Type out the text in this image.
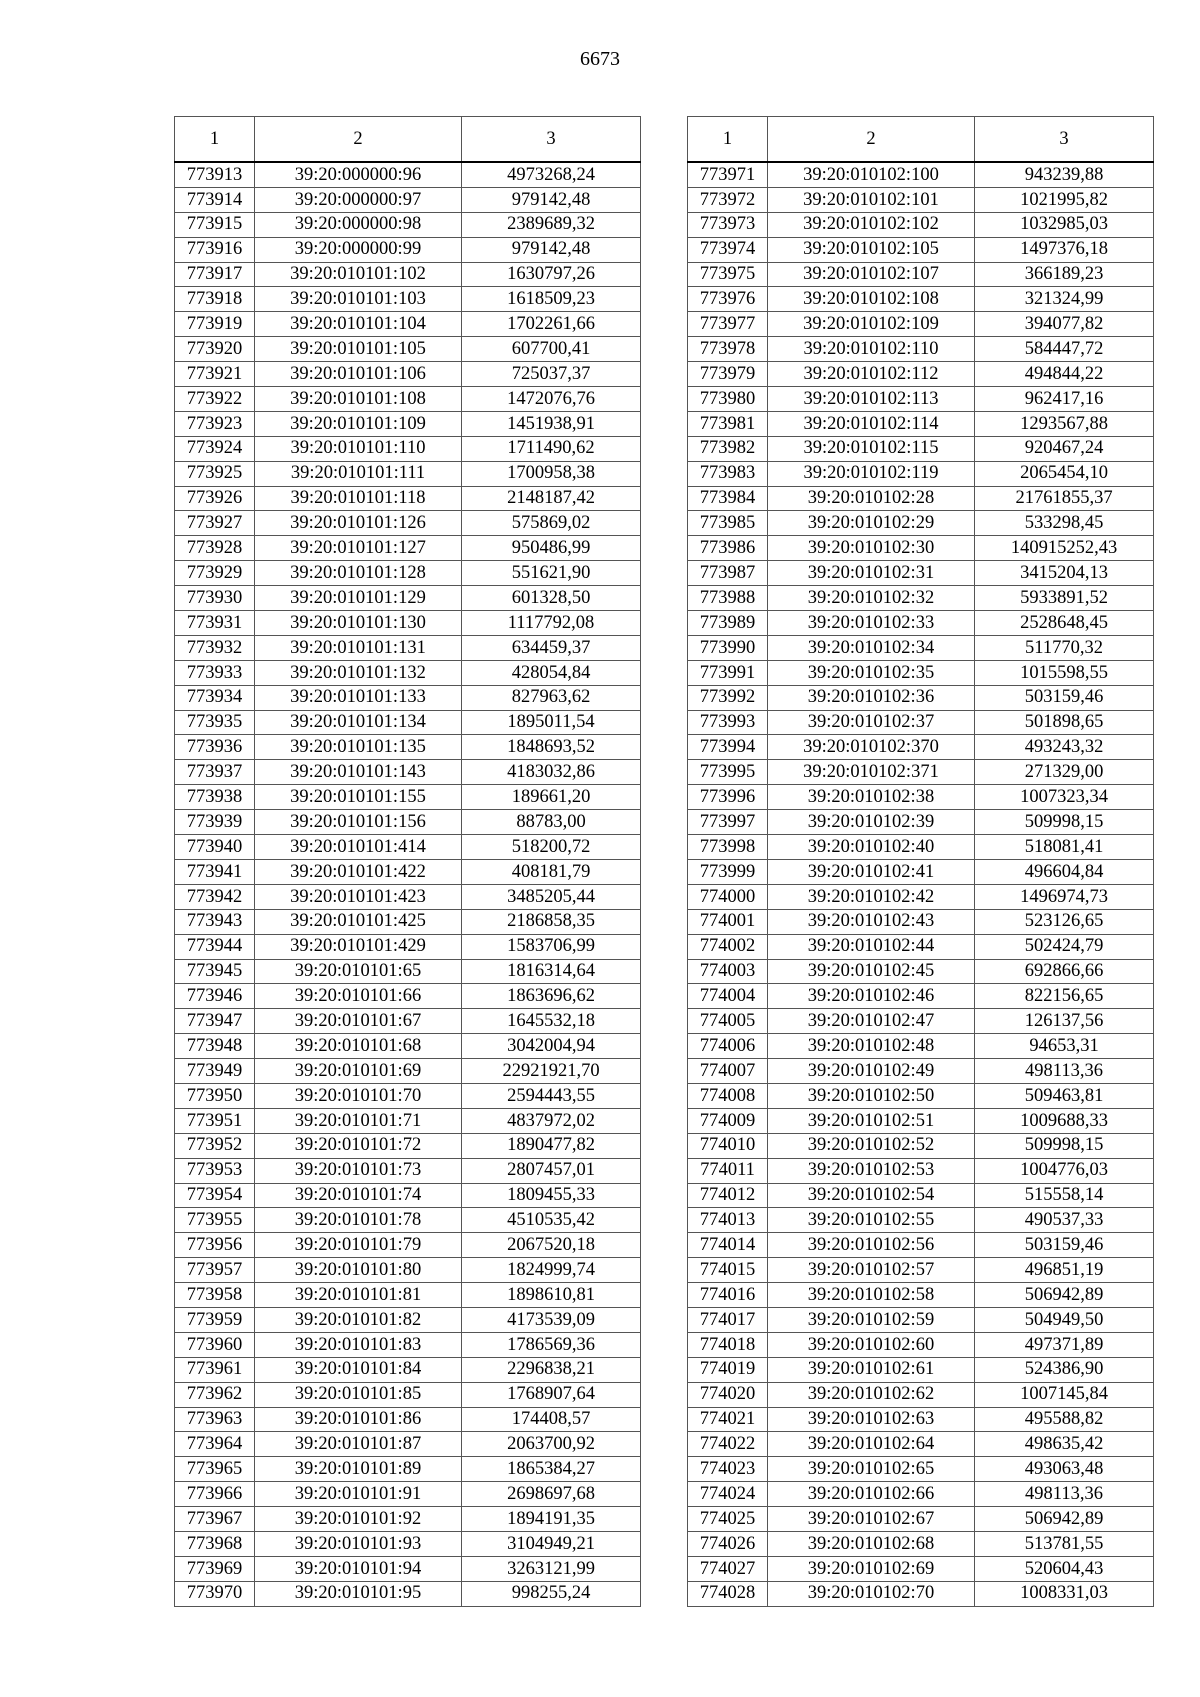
6673
1	2	3
773913	39:20:000000:96	4973268,24
773914	39:20:000000:97	979142,48
773915	39:20:000000:98	2389689,32
773916	39:20:000000:99	979142,48
773917	39:20:010101:102	1630797,26
773918	39:20:010101:103	1618509,23
773919	39:20:010101:104	1702261,66
773920	39:20:010101:105	607700,41
773921	39:20:010101:106	725037,37
773922	39:20:010101:108	1472076,76
773923	39:20:010101:109	1451938,91
773924	39:20:010101:110	1711490,62
773925	39:20:010101:111	1700958,38
773926	39:20:010101:118	2148187,42
773927	39:20:010101:126	575869,02
773928	39:20:010101:127	950486,99
773929	39:20:010101:128	551621,90
773930	39:20:010101:129	601328,50
773931	39:20:010101:130	1117792,08
773932	39:20:010101:131	634459,37
773933	39:20:010101:132	428054,84
773934	39:20:010101:133	827963,62
773935	39:20:010101:134	1895011,54
773936	39:20:010101:135	1848693,52
773937	39:20:010101:143	4183032,86
773938	39:20:010101:155	189661,20
773939	39:20:010101:156	88783,00
773940	39:20:010101:414	518200,72
773941	39:20:010101:422	408181,79
773942	39:20:010101:423	3485205,44
773943	39:20:010101:425	2186858,35
773944	39:20:010101:429	1583706,99
773945	39:20:010101:65	1816314,64
773946	39:20:010101:66	1863696,62
773947	39:20:010101:67	1645532,18
773948	39:20:010101:68	3042004,94
773949	39:20:010101:69	22921921,70
773950	39:20:010101:70	2594443,55
773951	39:20:010101:71	4837972,02
773952	39:20:010101:72	1890477,82
773953	39:20:010101:73	2807457,01
773954	39:20:010101:74	1809455,33
773955	39:20:010101:78	4510535,42
773956	39:20:010101:79	2067520,18
773957	39:20:010101:80	1824999,74
773958	39:20:010101:81	1898610,81
773959	39:20:010101:82	4173539,09
773960	39:20:010101:83	1786569,36
773961	39:20:010101:84	2296838,21
773962	39:20:010101:85	1768907,64
773963	39:20:010101:86	174408,57
773964	39:20:010101:87	2063700,92
773965	39:20:010101:89	1865384,27
773966	39:20:010101:91	2698697,68
773967	39:20:010101:92	1894191,35
773968	39:20:010101:93	3104949,21
773969	39:20:010101:94	3263121,99
773970	39:20:010101:95	998255,24
1	2	3
773971	39:20:010102:100	943239,88
773972	39:20:010102:101	1021995,82
773973	39:20:010102:102	1032985,03
773974	39:20:010102:105	1497376,18
773975	39:20:010102:107	366189,23
773976	39:20:010102:108	321324,99
773977	39:20:010102:109	394077,82
773978	39:20:010102:110	584447,72
773979	39:20:010102:112	494844,22
773980	39:20:010102:113	962417,16
773981	39:20:010102:114	1293567,88
773982	39:20:010102:115	920467,24
773983	39:20:010102:119	2065454,10
773984	39:20:010102:28	21761855,37
773985	39:20:010102:29	533298,45
773986	39:20:010102:30	140915252,43
773987	39:20:010102:31	3415204,13
773988	39:20:010102:32	5933891,52
773989	39:20:010102:33	2528648,45
773990	39:20:010102:34	511770,32
773991	39:20:010102:35	1015598,55
773992	39:20:010102:36	503159,46
773993	39:20:010102:37	501898,65
773994	39:20:010102:370	493243,32
773995	39:20:010102:371	271329,00
773996	39:20:010102:38	1007323,34
773997	39:20:010102:39	509998,15
773998	39:20:010102:40	518081,41
773999	39:20:010102:41	496604,84
774000	39:20:010102:42	1496974,73
774001	39:20:010102:43	523126,65
774002	39:20:010102:44	502424,79
774003	39:20:010102:45	692866,66
774004	39:20:010102:46	822156,65
774005	39:20:010102:47	126137,56
774006	39:20:010102:48	94653,31
774007	39:20:010102:49	498113,36
774008	39:20:010102:50	509463,81
774009	39:20:010102:51	1009688,33
774010	39:20:010102:52	509998,15
774011	39:20:010102:53	1004776,03
774012	39:20:010102:54	515558,14
774013	39:20:010102:55	490537,33
774014	39:20:010102:56	503159,46
774015	39:20:010102:57	496851,19
774016	39:20:010102:58	506942,89
774017	39:20:010102:59	504949,50
774018	39:20:010102:60	497371,89
774019	39:20:010102:61	524386,90
774020	39:20:010102:62	1007145,84
774021	39:20:010102:63	495588,82
774022	39:20:010102:64	498635,42
774023	39:20:010102:65	493063,48
774024	39:20:010102:66	498113,36
774025	39:20:010102:67	506942,89
774026	39:20:010102:68	513781,55
774027	39:20:010102:69	520604,43
774028	39:20:010102:70	1008331,03
